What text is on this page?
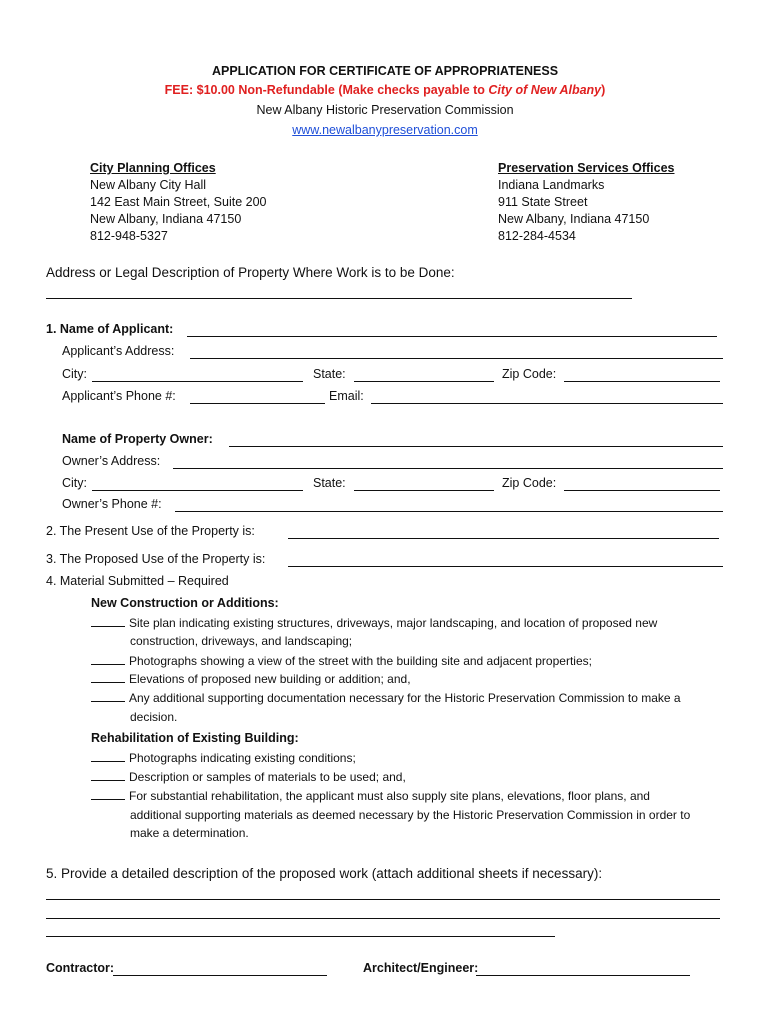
APPLICATION FOR CERTIFICATE OF APPROPRIATENESS
FEE: $10.00 Non-Refundable (Make checks payable to City of New Albany)
New Albany Historic Preservation Commission
www.newalbanypreservation.com
City Planning Offices
New Albany City Hall
142 East Main Street, Suite 200
New Albany, Indiana 47150
812-948-5327
Preservation Services Offices
Indiana Landmarks
911 State Street
New Albany, Indiana 47150
812-284-4534
Address or Legal Description of Property Where Work is to be Done:
1. Name of Applicant:
Applicant’s Address:
City:	State:	Zip Code:
Applicant’s Phone #:	Email:
Name of Property Owner:
Owner’s Address:
City:	State:	Zip Code:
Owner’s Phone #:
2. The Present Use of the Property is:
3. The Proposed Use of the Property is:
4. Material Submitted – Required
New Construction or Additions:
Site plan indicating existing structures, driveways, major landscaping, and location of proposed new
construction, driveways, and landscaping;
Photographs showing a view of the street with the building site and adjacent properties;
Elevations of proposed new building or addition; and,
Any additional supporting documentation necessary for the Historic Preservation Commission to make a
decision.
Rehabilitation of Existing Building:
Photographs indicating existing conditions;
Description or samples of materials to be used; and,
For substantial rehabilitation, the applicant must also supply site plans, elevations, floor plans, and
additional supporting materials as deemed necessary by the Historic Preservation Commission in order to
make a determination.
5. Provide a detailed description of the proposed work (attach additional sheets if necessary):
Contractor:	Architect/Engineer:
